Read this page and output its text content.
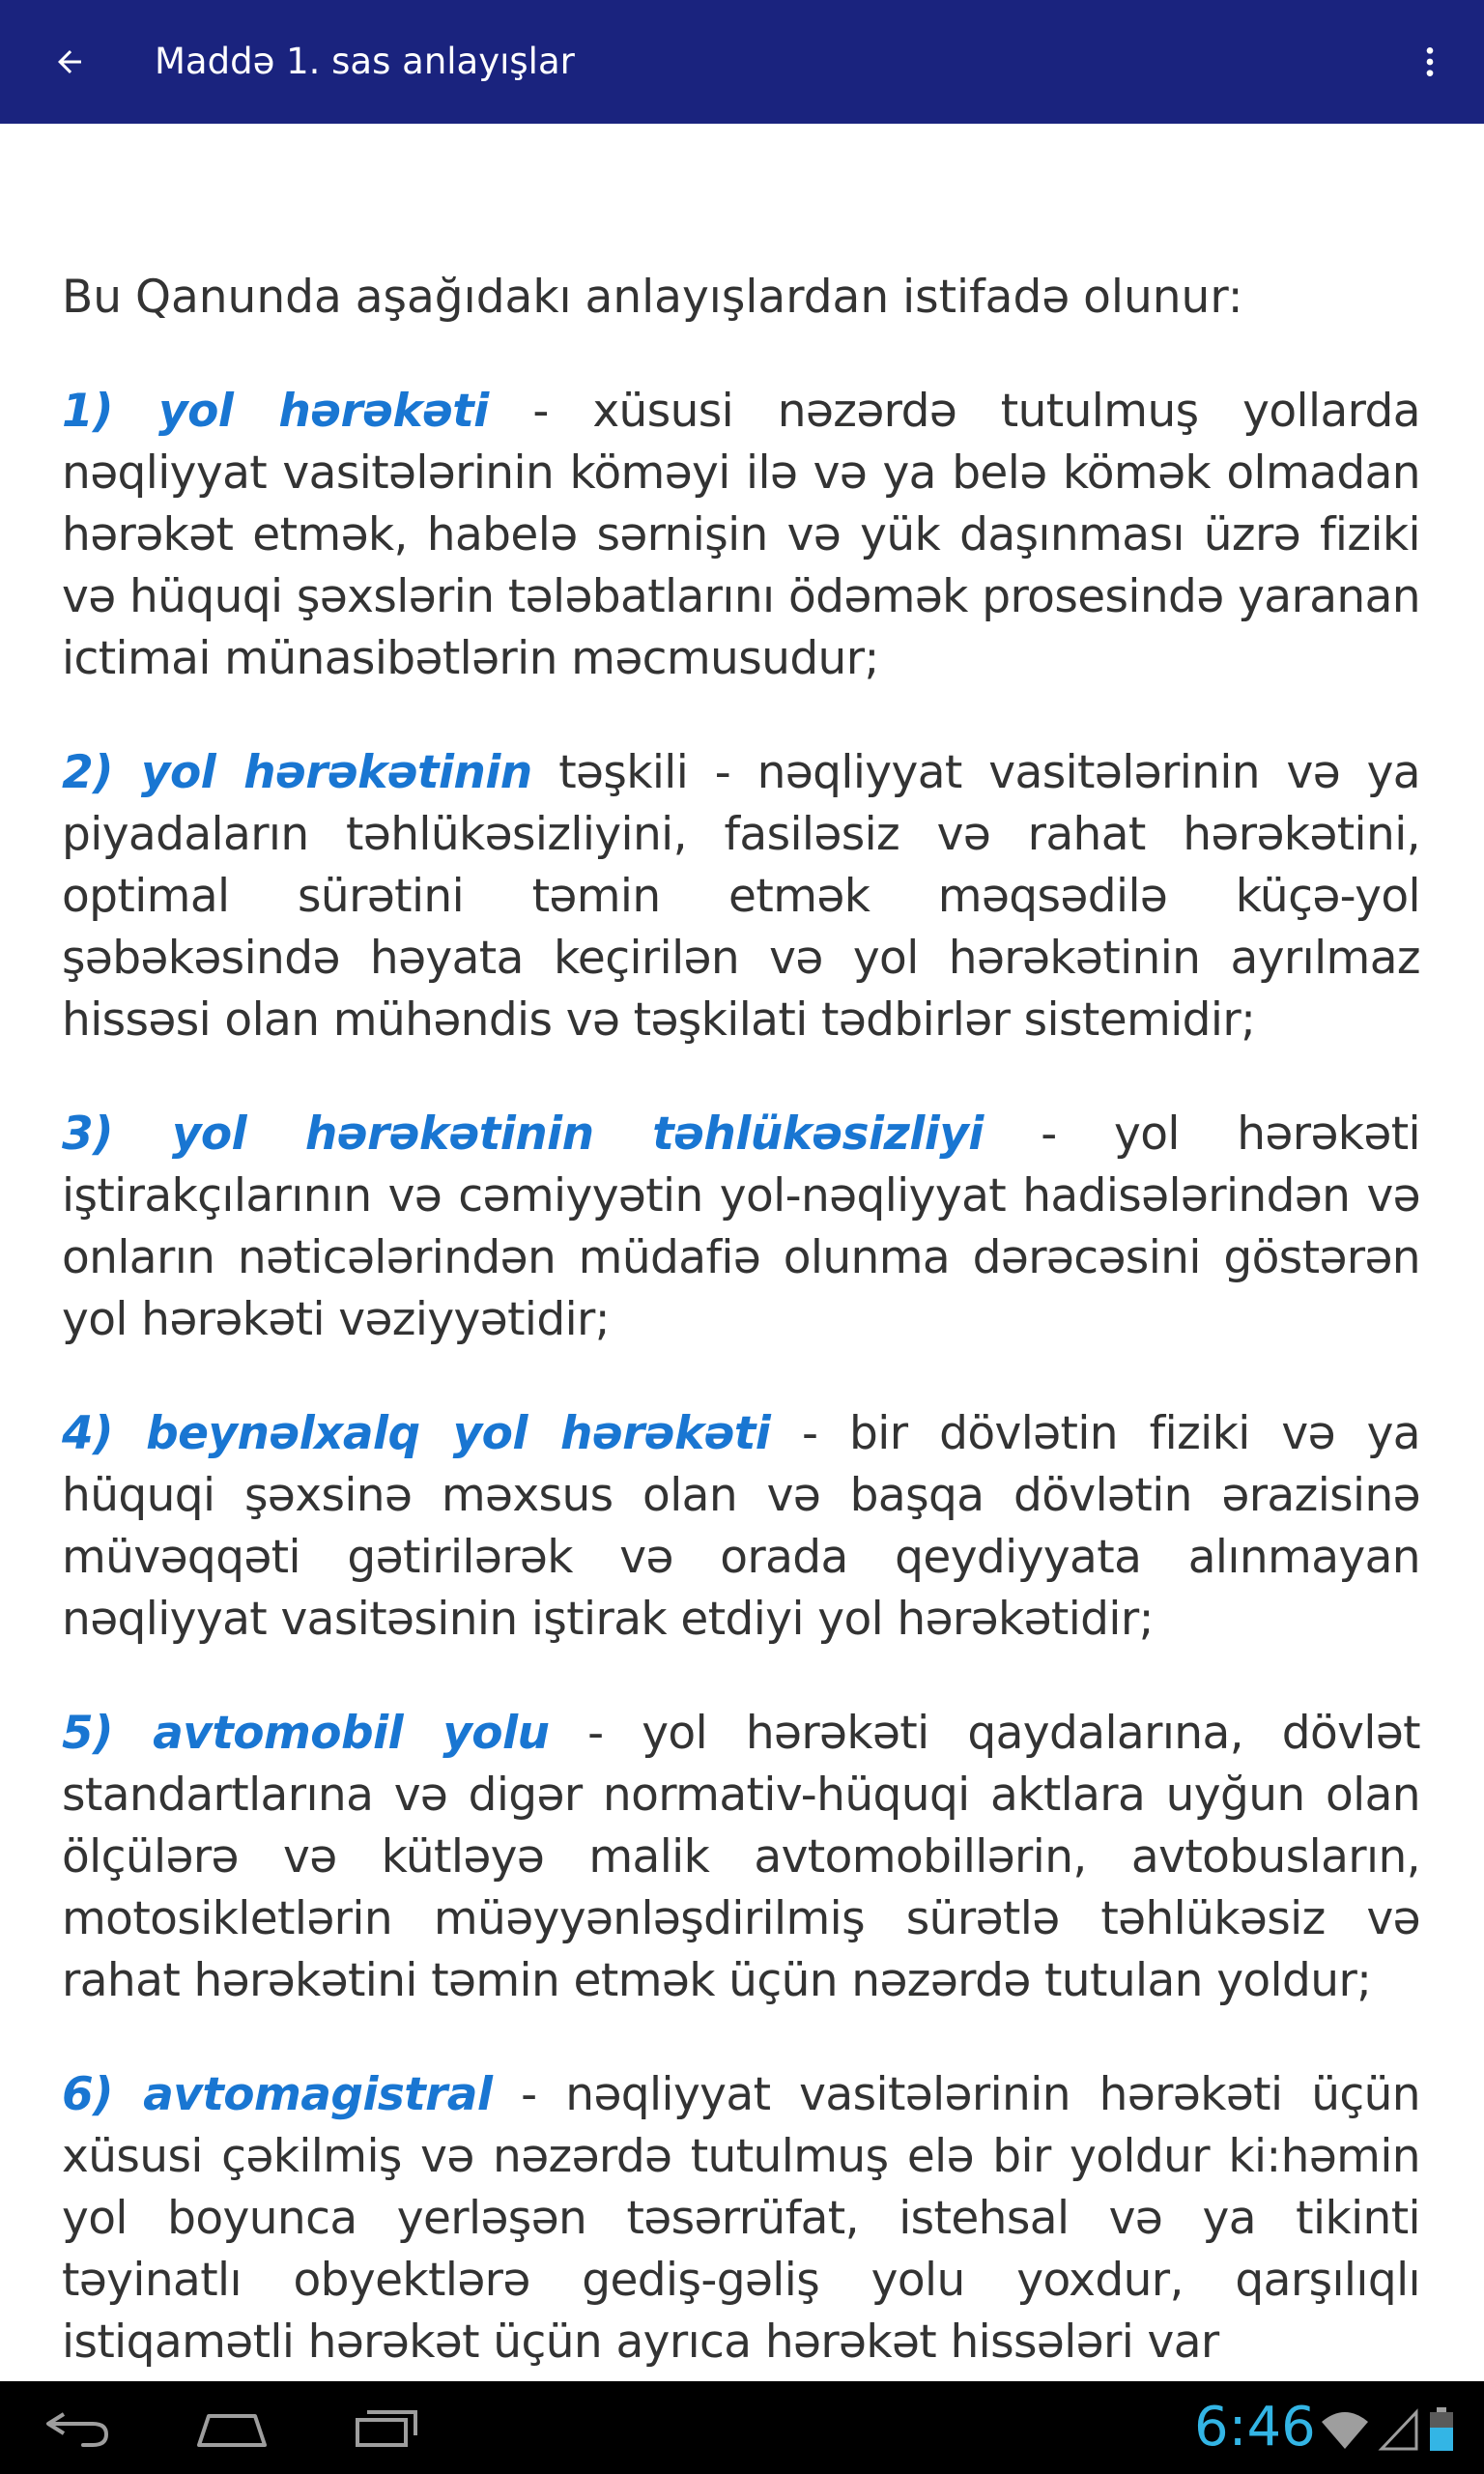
Maddə 1. sas anlayışlar

Bu Qanunda aşağıdakı anlayışlardan istifadə olunur:

1) yol hərəkəti - xüsusi nəzərdə tutulmuş yollarda nəqliyyat vasitələrinin köməyi ilə və ya belə kömək olmadan hərəkət etmək, habelə sərnişin və yük daşınması üzrə fiziki və hüquqi şəxslərin tələbatlarını ödəmək prosesində yaranan ictimai münasibətlərin məcmusudur;

2) yol hərəkətinin təşkili - nəqliyyat vasitələrinin və ya piyadaların təhlükəsizliyini, fasiləsiz və rahat hərəkətini, optimal sürətini təmin etmək məqsədilə küçə-yol şəbəkəsində həyata keçirilən və yol hərəkətinin ayrılmaz hissəsi olan mühəndis və təşkilati tədbirlər sistemidir;

3) yol hərəkətinin təhlükəsizliyi - yol hərəkəti iştirakçılarının və cəmiyyətin yol-nəqliyyat hadisələrindən və onların nəticələrindən müdafiə olunma dərəcəsini göstərən yol hərəkəti vəziyyətidir;

4) beynəlxalq yol hərəkəti - bir dövlətin fiziki və ya hüquqi şəxsinə məxsus olan və başqa dövlətin ərazisinə müvəqqəti gətirilərək və orada qeydiyyata alınmayan nəqliyyat vasitəsinin iştirak etdiyi yol hərəkətidir;

5) avtomobil yolu - yol hərəkəti qaydalarına, dövlət standartlarına və digər normativ-hüquqi aktlara uyğun olan ölçülərə və kütləyə malik avtomobillərin, avtobusların, motosikletlərin müəyyənləşdirilmiş sürətlə təhlükəsiz və rahat hərəkətini təmin etmək üçün nəzərdə tutulan yoldur;

6) avtomagistral - nəqliyyat vasitələrinin hərəkəti üçün xüsusi çəkilmiş və nəzərdə tutulmuş elə bir yoldur ki:həmin yol boyunca yerləşən təsərrüfat, istehsal və ya tikinti təyinatlı obyektlərə gediş-gəliş yolu yoxdur, qarşılıqlı istiqamətli hərəkət üçün ayrıca hərəkət hissələri var

6:46
